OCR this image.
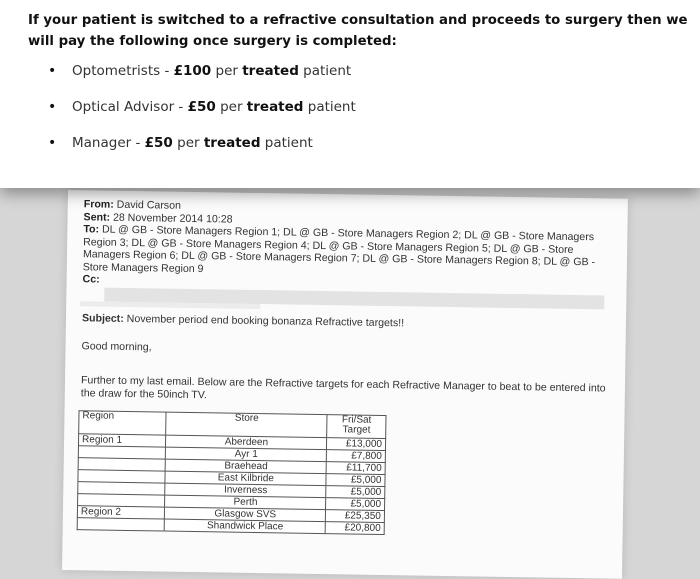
If your patient is switched to a refractive consultation and proceeds to surgery then we will pay the following once surgery is completed:
• Optometrists - £100 per treated patient
• Optical Advisor - £50 per treated patient
• Manager - £50 per treated patient
From: David Carson
Sent: 28 November 2014 10:28
To: DL @ GB - Store Managers Region 1; DL @ GB - Store Managers Region 2; DL @ GB - Store Managers Region 3; DL @ GB - Store Managers Region 4; DL @ GB - Store Managers Region 5; DL @ GB - Store Managers Region 6; DL @ GB - Store Managers Region 7; DL @ GB - Store Managers Region 8; DL @ GB - Store Managers Region 9
Cc:
Subject: November period end booking bonanza Refractive targets!!
Good morning,
Further to my last email. Below are the Refractive targets for each Refractive Manager to beat to be entered into the draw for the 50inch TV.
Region	Store	Fri/Sat Target
Region 1	Aberdeen	£13,000
	Ayr 1	£7,800
	Braehead	£11,700
	East Kilbride	£5,000
	Inverness	£5,000
	Perth	£5,000
Region 2	Glasgow SVS	£25,350
	Shandwick Place	£20,800
